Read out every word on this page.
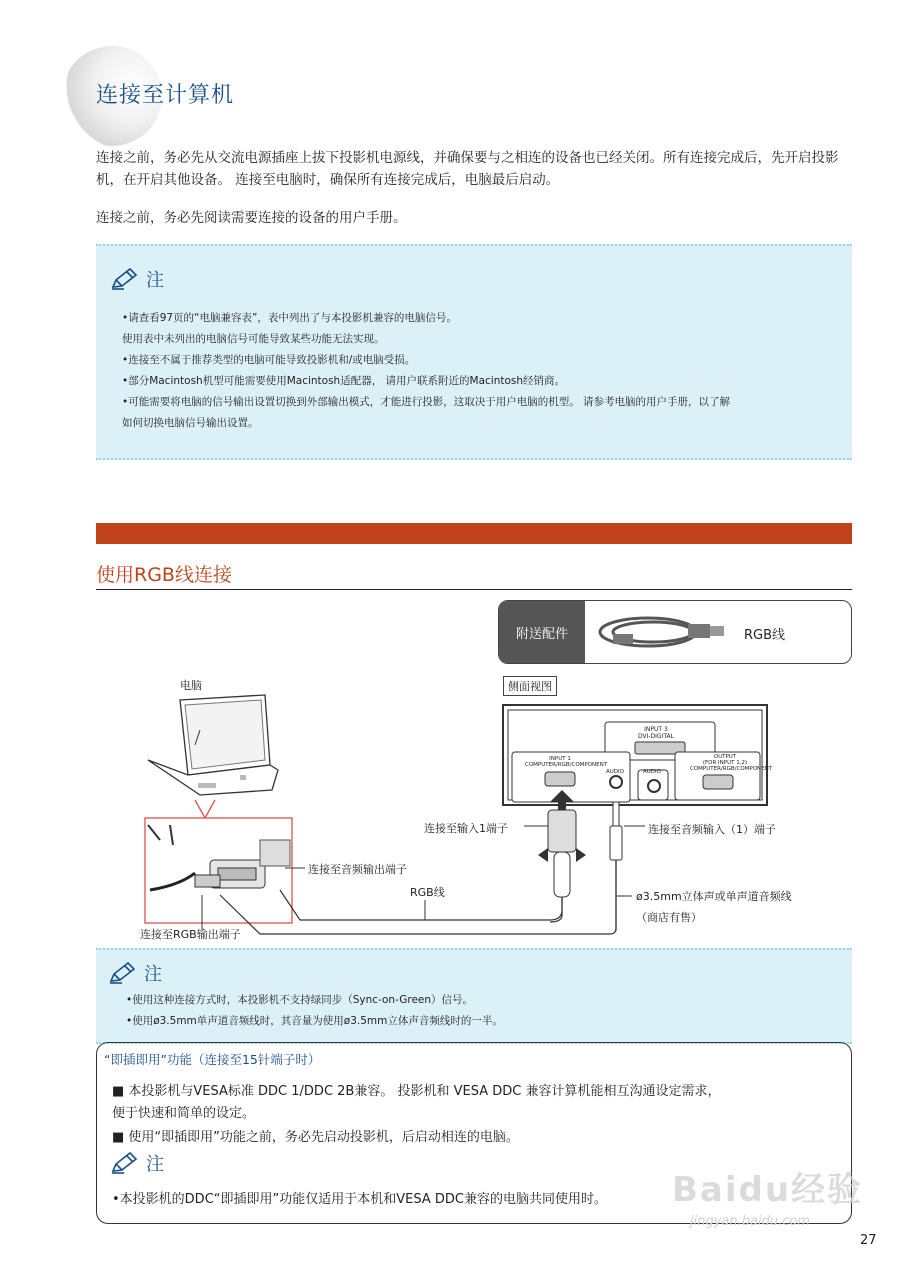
连接至计算机
连接之前，务必先从交流电源插座上拔下投影机电源线，并确保要与之相连的设备也已经关闭。所有连接完成后，先开启投影机，在开启其他设备。 连接至电脑时，确保所有连接完成后，电脑最后启动。
连接之前，务必先阅读需要连接的设备的用户手册。
注
•请查看97页的“电脑兼容表”，表中列出了与本投影机兼容的电脑信号。
使用表中未列出的电脑信号可能导致某些功能无法实现。
•连接至不属于推荐类型的电脑可能导致投影机和/或电脑受损。
•部分Macintosh机型可能需要使用Macintosh适配器， 请用户联系附近的Macintosh经销商。
•可能需要将电脑的信号输出设置切换到外部输出模式，才能进行投影，这取决于用户电脑的机型。 请参考电脑的用户手册，以了解
如何切换电脑信号输出设置。
使用RGB线连接
附送配件	RGB线
电脑	侧面视图
INPUT 3
DVI-DIGITAL
INPUT 1
COMPUTER/RGB/COMPONENT
AUDIO	AUDIO
OUTPUT
(FOR INPUT 1,2)
COMPUTER/RGB/COMPONENT
连接至输入1端子	连接至音频输入（1）端子
连接至音频输出端子
RGB线	ø3.5mm立体声或单声道音频线
（商店有售）
连接至RGB输出端子
注
•使用这种连接方式时，本投影机不支持绿同步（Sync-on-Green）信号。
•使用ø3.5mm单声道音频线时，其音量为使用ø3.5mm立体声音频线时的一半。
“即插即用”功能（连接至15针端子时）
■ 本投影机与VESA标准 DDC 1/DDC 2B兼容。 投影机和 VESA DDC 兼容计算机能相互沟通设定需求，
便于快速和简单的设定。
■ 使用“即插即用”功能之前，务必先启动投影机，后启动相连的电脑。
注
•本投影机的DDC“即插即用”功能仅适用于本机和VESA DDC兼容的电脑共同使用时。	Baidu经验
jingyan.baidu.com
27
